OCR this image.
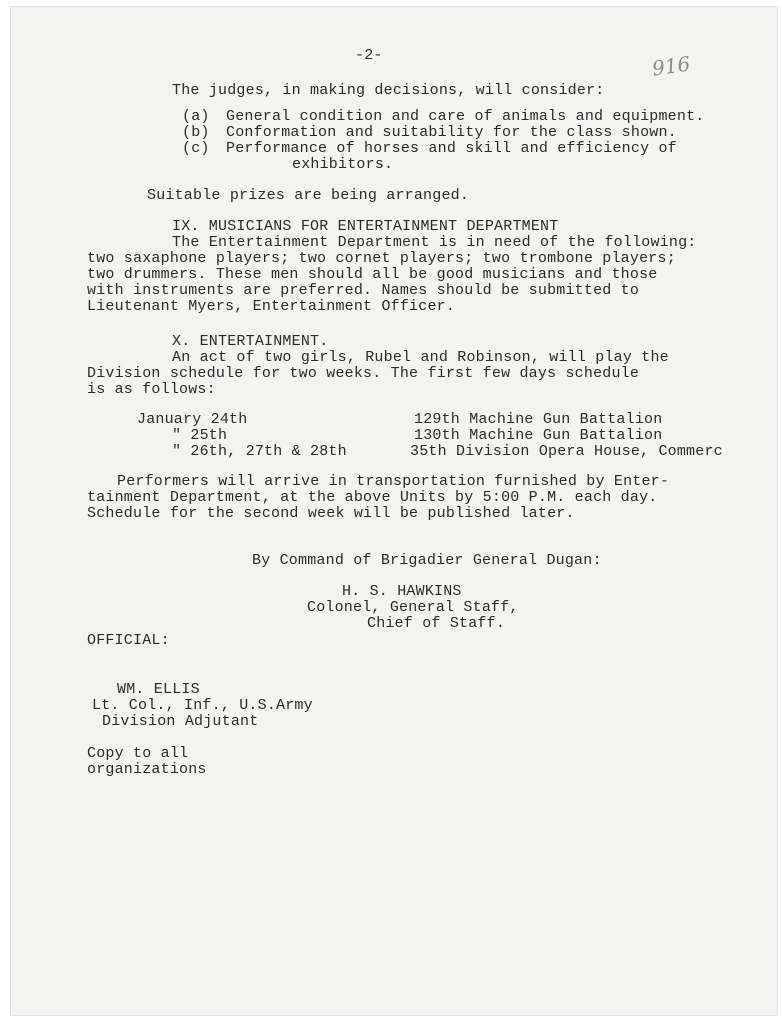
-2-	916
The judges, in making decisions, will consider:
(a) General condition and care of animals and equipment.
(b) Conformation and suitability for the class shown.
(c) Performance of horses and skill and efficiency of
exhibitors.
Suitable prizes are being arranged.
IX. MUSICIANS FOR ENTERTAINMENT DEPARTMENT
The Entertainment Department is in need of the following:
two saxaphone players; two cornet players; two trombone players;
two drummers. These men should all be good musicians and those
with instruments are preferred. Names should be submitted to
Lieutenant Myers, Entertainment Officer.
X. ENTERTAINMENT.
An act of two girls, Rubel and Robinson, will play the
Division schedule for two weeks. The first few days schedule
is as follows:
January 24th	129th Machine Gun Battalion
" 25th	130th Machine Gun Battalion
" 26th, 27th & 28th	35th Division Opera House, Commerc
Performers will arrive in transportation furnished by Enter-
tainment Department, at the above Units by 5:00 P.M. each day.
Schedule for the second week will be published later.
By Command of Brigadier General Dugan:
H. S. HAWKINS
Colonel, General Staff,
Chief of Staff.
OFFICIAL:
WM. ELLIS
Lt. Col., Inf., U.S.Army
Division Adjutant
Copy to all
organizations
